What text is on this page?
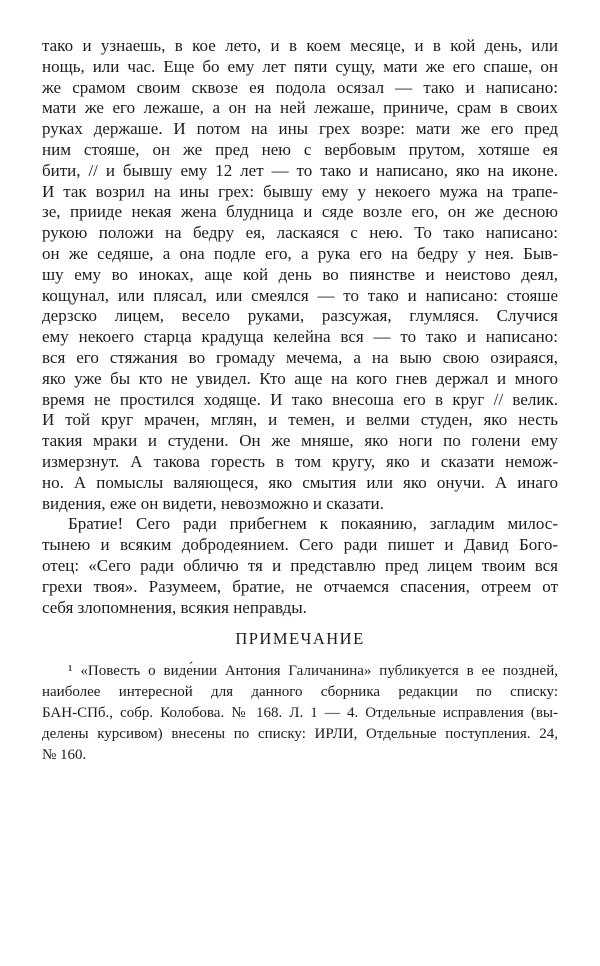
тако и узнаешь, в кое лето, и в коем месяце, и в кой день, или
нощь, или час. Еще бо ему лет пяти сущу, мати же его спаше, он
же срамом своим сквозе ея подола осязал — тако и написано:
мати же его лежаше, а он на ней лежаше, приниче, срам в своих
руках держаше. И потом на ины грех возре: мати же его пред
ним стояше, он же пред нею с вербовым прутом, хотяше ея
бити, // и бывшу ему 12 лет — то тако и написано, яко на иконе.
И так возрил на ины грех: бывшу ему у некоего мужа на трапе-
зе, прииде некая жена блудница и сяде возле его, он же десною
рукою положи на бедру ея, ласкаяся с нею. То тако написано:
он же седяше, а она подле его, а рука его на бедру у нея. Быв-
шу ему во иноках, аще кой день во пиянстве и неистово деял,
кощунал, или плясал, или смеялся — то тако и написано: стояше
дерзско лицем, весело руками, разсужая, глумляся. Случися
ему некоего старца крадуща келейна вся — то тако и написано:
вся его стяжания во громаду мечема, а на выю свою озираяся,
яко уже бы кто не увидел. Кто аще на кого гнев держал и много
время не простился ходяще. И тако внесоша его в круг // велик.
И той круг мрачен, мглян, и темен, и велми студен, яко несть
такия мраки и студени. Он же мняше, яко ноги по голени ему
измерзнут. А такова горесть в том кругу, яко и сказати немож-
но. А помыслы валяющеся, яко смытия или яко онучи. А инаго
видения, еже он видети, невозможно и сказати.
Братие! Сего ради прибегнем к покаянию, загладим милос-
тынею и всяким добродеянием. Сего ради пишет и Давид Бого-
отец: «Сего ради обличю тя и представлю пред лицем твоим вся
грехи твоя». Разумеем, братие, не отчаемся спасения, отреем от
себя злопомнения, всякия неправды.
ПРИМЕЧАНИЕ
¹ «Повесть о виде́нии Антония Галичанина» публикуется в ее поздней,
наиболее интересной для данного сборника редакции по списку:
БАН-СПб., собр. Колобова. № 168. Л. 1 — 4. Отдельные исправления (вы-
делены курсивом) внесены по списку: ИРЛИ, Отдельные поступления. 24,
№ 160.
